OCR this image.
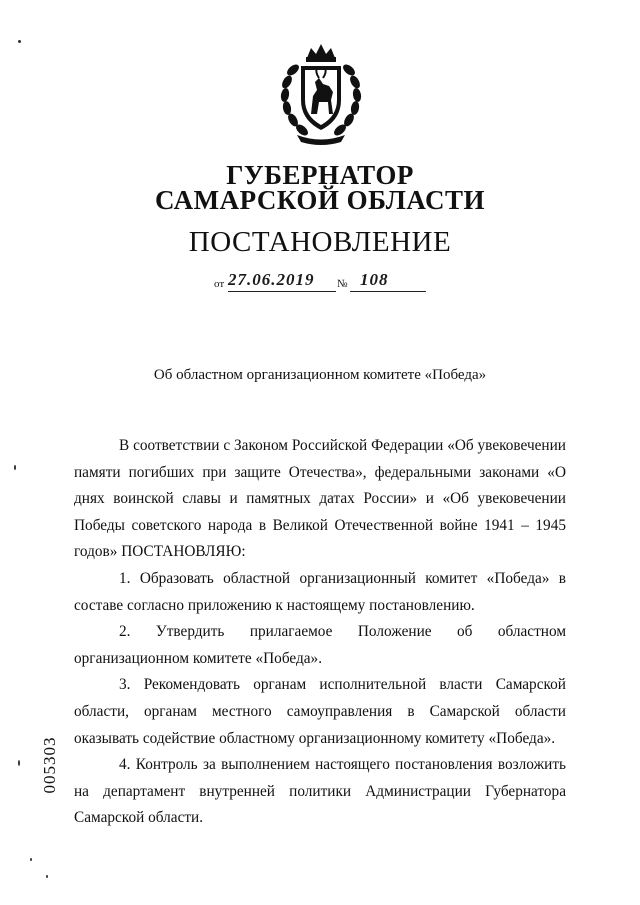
ГУБЕРНАТОР
САМАРСКОЙ ОБЛАСТИ
ПОСТАНОВЛЕНИЕ
от 27.06.2019 № 108
Об областном организационном комитете «Победа»

В соответствии с Законом Российской Федерации «Об увековечении памяти погибших при защите Отечества», федеральными законами «О днях воинской славы и памятных датах России» и «Об увековечении Победы советского народа в Великой Отечественной войне 1941 – 1945 годов» ПОСТАНОВЛЯЮ:

1. Образовать областной организационный комитет «Победа» в составе согласно приложению к настоящему постановлению.

2. Утвердить прилагаемое Положение об областном организационном комитете «Победа».

3. Рекомендовать органам исполнительной власти Самарской области, органам местного самоуправления в Самарской области оказывать содействие областному организационному комитету «Победа».

4. Контроль за выполнением настоящего постановления возложить на департамент внутренней политики Администрации Губернатора Самарской области.

005303
